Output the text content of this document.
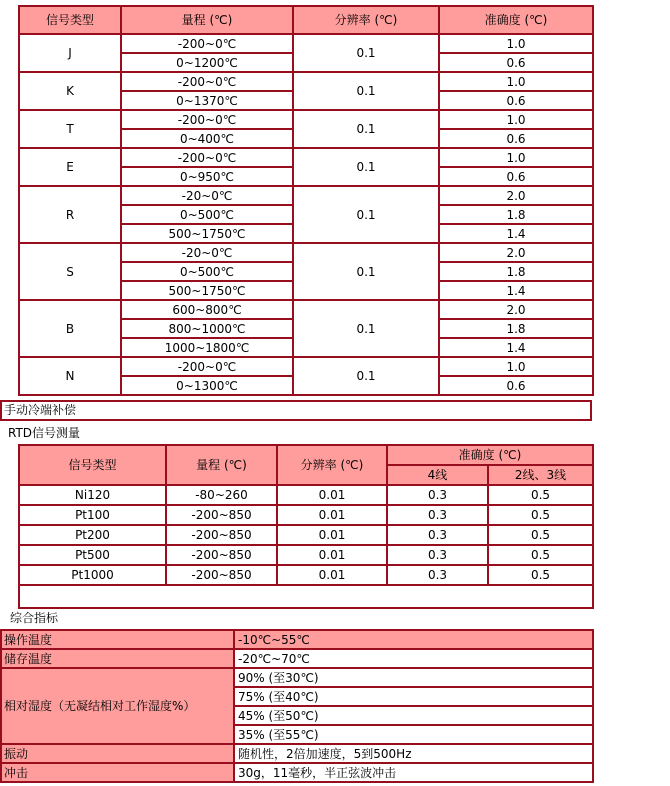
信号类型	量程 (℃)	分辨率 (℃)	准确度 (℃)
J	-200~0℃	0.1	1.0
	0~1200℃		0.6
K	-200~0℃	0.1	1.0
	0~1370℃		0.6
T	-200~0℃	0.1	1.0
	0~400℃		0.6
E	-200~0℃	0.1	1.0
	0~950℃		0.6
R	-20~0℃	0.1	2.0
	0~500℃		1.8
	500~1750℃		1.4
S	-20~0℃	0.1	2.0
	0~500℃		1.8
	500~1750℃		1.4
B	600~800℃	0.1	2.0
	800~1000℃		1.8
	1000~1800℃		1.4
N	-200~0℃	0.1	1.0
	0~1300℃		0.6
手动冷端补偿
RTD信号测量
信号类型	量程 (℃)	分辨率 (℃)	准确度 (℃)	
			4线	2线、3线
Ni120	-80~260	0.01	0.3	0.5
Pt100	-200~850	0.01	0.3	0.5
Pt200	-200~850	0.01	0.3	0.5
Pt500	-200~850	0.01	0.3	0.5
Pt1000	-200~850	0.01	0.3	0.5

综合指标
操作温度	-10℃~55℃
储存温度	-20℃~70℃
相对湿度（无凝结相对工作湿度%）	90% (至30℃)
	75% (至40℃)
	45% (至50℃)
	35% (至55℃)
振动	随机性，2倍加速度，5到500Hz
冲击	30g，11毫秒，半正弦波冲击
